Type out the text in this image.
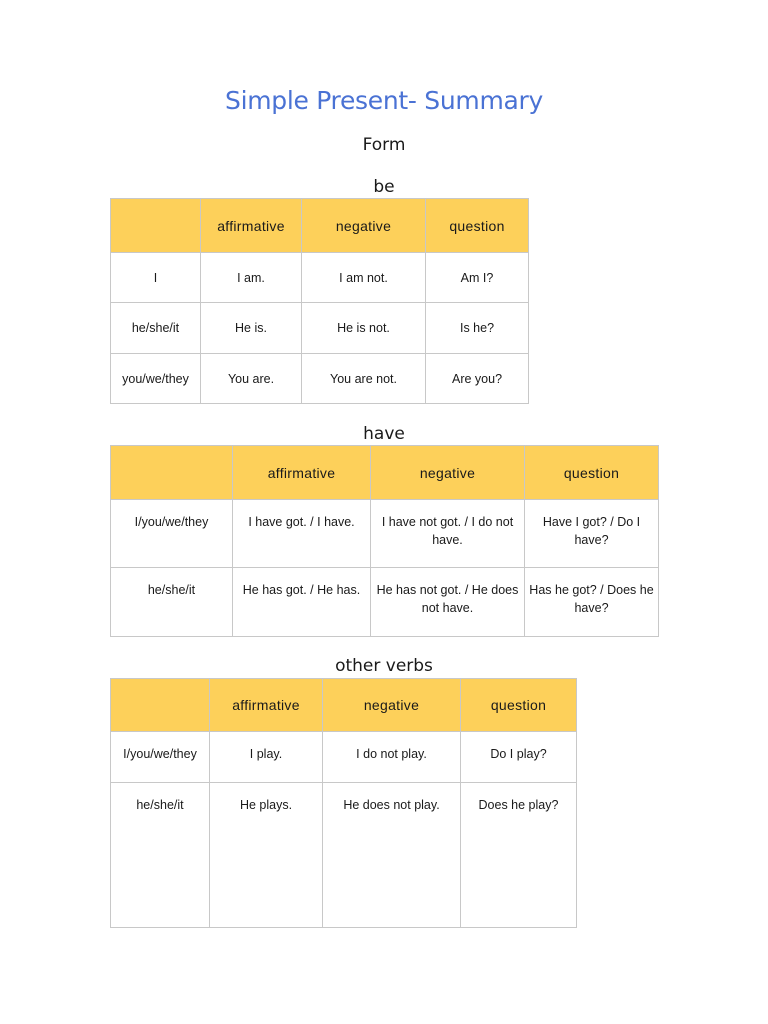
Simple Present- Summary
Form
be
	affirmative	negative	question
I	I am.	I am not.	Am I?
he/she/it	He is.	He is not.	Is he?
you/we/they	You are.	You are not.	Are you?
have
	affirmative	negative	question
I/you/we/they	I have got. / I have.	I have not got. / I do not have.	Have I got? / Do I have?
he/she/it	He has got. / He has.	He has not got. / He does not have.	Has he got? / Does he have?
other verbs
	affirmative	negative	question
I/you/we/they	I play.	I do not play.	Do I play?
he/she/it	He plays.	He does not play.	Does he play?
